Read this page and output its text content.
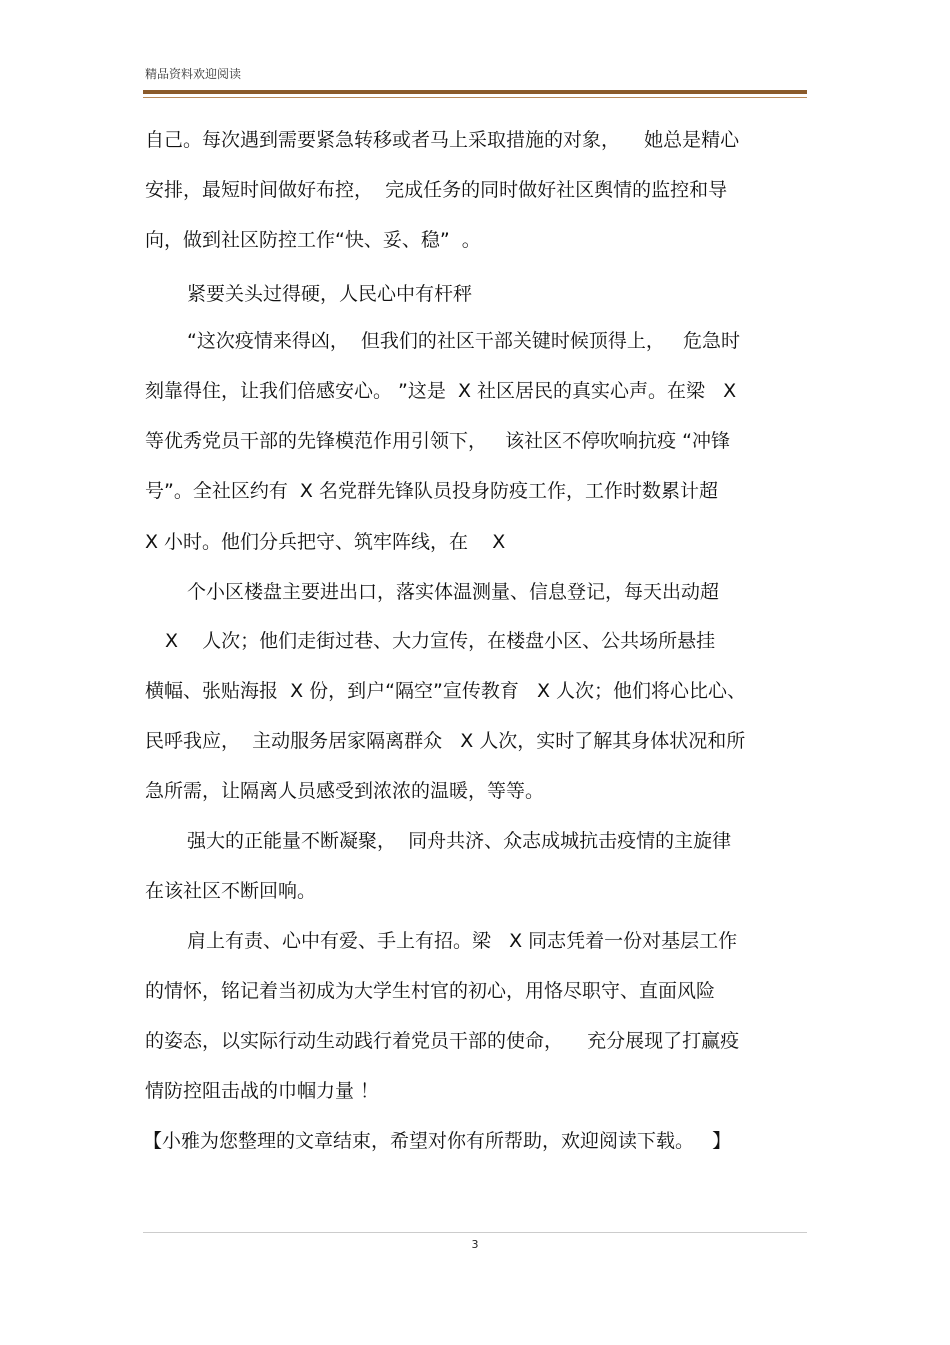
精品资料欢迎阅读
自己。每次遇到需要紧急转移或者马上采取措施的对象，    她总是精心
安排，最短时间做好布控，  完成任务的同时做好社区舆情的监控和导
向，做到社区防控工作“快、妥、稳”  。
紧要关头过得硬，人民心中有杆秤
“这次疫情来得凶，  但我们的社区干部关键时候顶得上，   危急时
刻靠得住，让我们倍感安心。 ”这是  X 社区居民的真实心声。在梁   X
等优秀党员干部的先锋模范作用引领下，   该社区不停吹响抗疫 “冲锋
号”。全社区约有  X 名党群先锋队员投身防疫工作，工作时数累计超
X 小时。他们分兵把守、筑牢阵线，在    X
个小区楼盘主要进出口，落实体温测量、信息登记，每天出动超
X    人次；他们走街过巷、大力宣传，在楼盘小区、公共场所悬挂
横幅、张贴海报  X 份，到户“隔空”宣传教育   X 人次；他们将心比心、
民呼我应，  主动服务居家隔离群众   X 人次，实时了解其身体状况和所
急所需，让隔离人员感受到浓浓的温暖，等等。
强大的正能量不断凝聚，  同舟共济、众志成城抗击疫情的主旋律
在该社区不断回响。
肩上有责、心中有爱、手上有招。梁   X 同志凭着一份对基层工作
的情怀，铭记着当初成为大学生村官的初心，用恪尽职守、直面风险
的姿态，以实际行动生动践行着党员干部的使命，    充分展现了打赢疫
情防控阻击战的巾帼力量 ！
【小雅为您整理的文章结束，希望对你有所帮助，欢迎阅读下载。   】
3
